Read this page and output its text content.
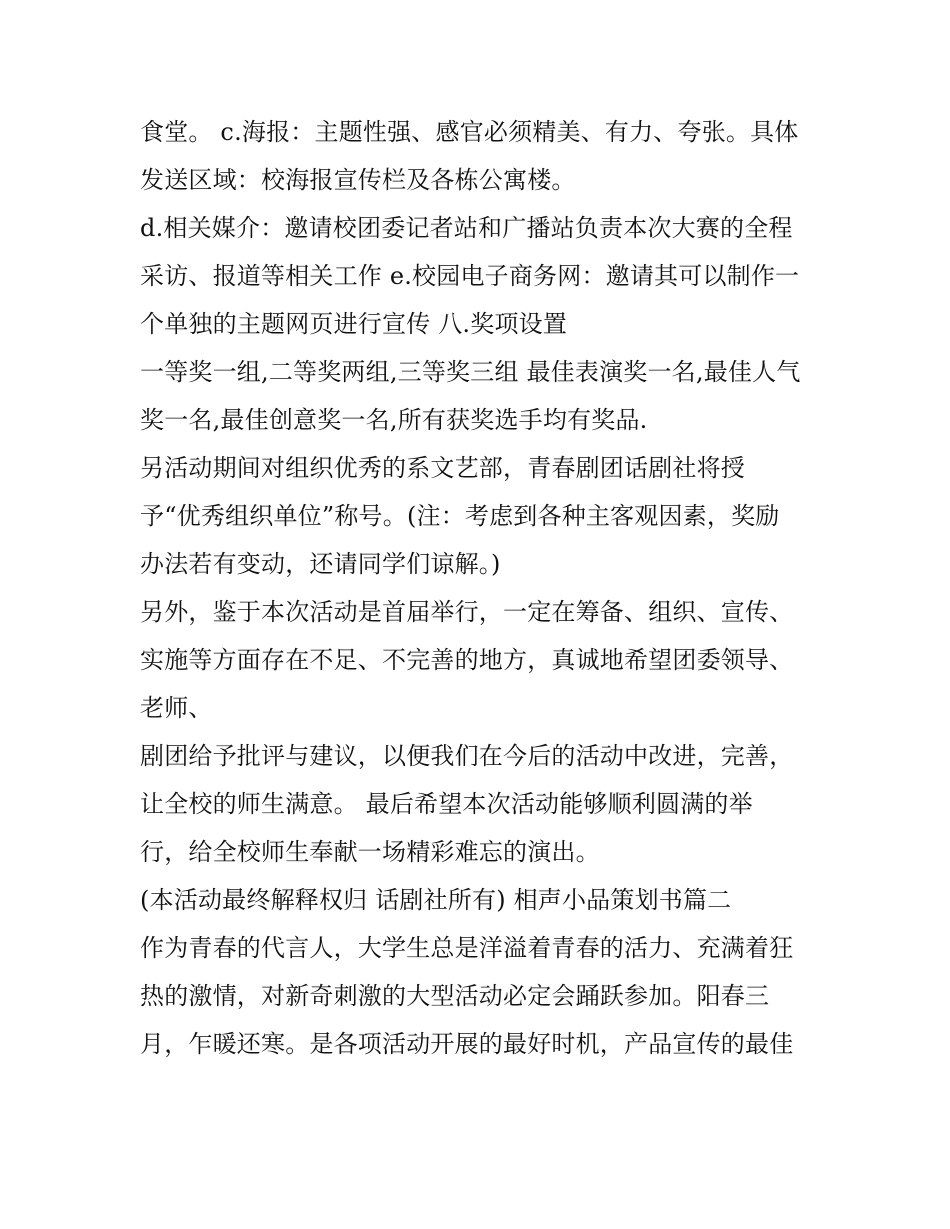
食堂。 c.海报：主题性强、感官必须精美、有力、夸张。具体
发送区域：校海报宣传栏及各栋公寓楼。
d.相关媒介：邀请校团委记者站和广播站负责本次大赛的全程
采访、报道等相关工作 e.校园电子商务网：邀请其可以制作一
个单独的主题网页进行宣传 八.奖项设置
一等奖一组,二等奖两组,三等奖三组 最佳表演奖一名,最佳人气
奖一名,最佳创意奖一名,所有获奖选手均有奖品.
另活动期间对组织优秀的系文艺部，青春剧团话剧社将授
予“优秀组织单位”称号。(注：考虑到各种主客观因素，奖励
办法若有变动，还请同学们谅解。)
另外，鉴于本次活动是首届举行，一定在筹备、组织、宣传、
实施等方面存在不足、不完善的地方，真诚地希望团委领导、
老师、
剧团给予批评与建议，以便我们在今后的活动中改进，完善，
让全校的师生满意。 最后希望本次活动能够顺利圆满的举
行，给全校师生奉献一场精彩难忘的演出。
(本活动最终解释权归 话剧社所有) 相声小品策划书篇二
作为青春的代言人，大学生总是洋溢着青春的活力、充满着狂
热的激情，对新奇刺激的大型活动必定会踊跃参加。阳春三
月，乍暖还寒。是各项活动开展的最好时机，产品宣传的最佳
